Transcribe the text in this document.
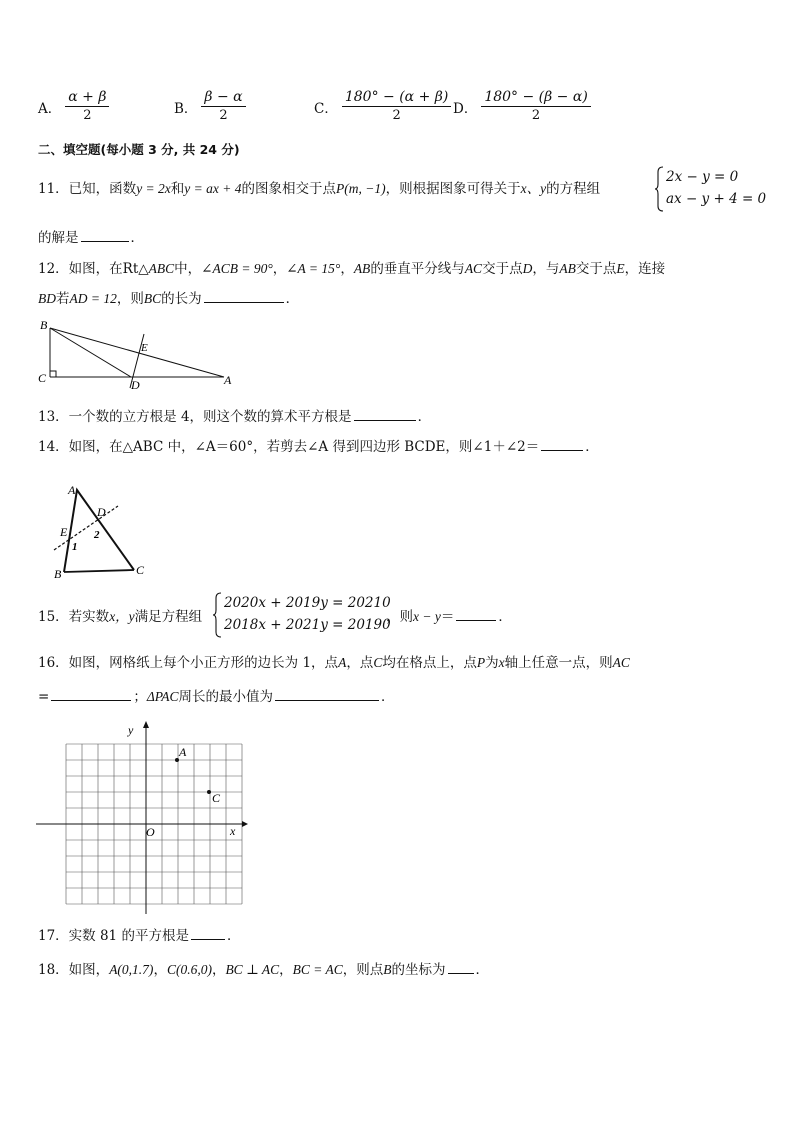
A． $\frac{\alpha + \beta}{2}$	B． $\frac{\beta - \alpha}{2}$	C． $\frac{180^\circ - (\alpha + \beta)}{2}$ D． $\frac{180^\circ - (\beta - \alpha)}{2}$
二、填空题(每小题 3 分, 共 24 分)
11．已知，函数y = 2x和y = ax + 4的图象相交于点P(m, −1)，则根据图象可得关于x、y的方程组
2x − y = 0
ax − y + 4 = 0
的解是	．
12．如图，在Rt△ABC中，∠ACB = 90°，∠A = 15°，AB的垂直平分线与AC交于点D，与AB交于点E，连接
BD若AD = 12，则BC的长为	．
B
C	D	A
E
13．一个数的立方根是 4，则这个数的算术平方根是	．
14．如图，在△ABC 中，∠A＝60°，若剪去∠A 得到四边形 BCDE，则∠1＋∠2＝	．
A
D
E
1
2
B	C
15．若实数x，y满足方程组
2020x + 2019y = 20210
2018x + 2021y = 20190
，则x − y＝	．
16．如图，网格纸上每个小正方形的边长为 1，点A，点C均在格点上，点P为x轴上任意一点，则AC
=	；ΔPAC周长的最小值为	．
y
x
O
A
C
17．实数 81 的平方根是	．
18．如图，A(0,1.7)，C(0.6,0)，BC ⊥ AC，BC = AC，则点B的坐标为 ．
